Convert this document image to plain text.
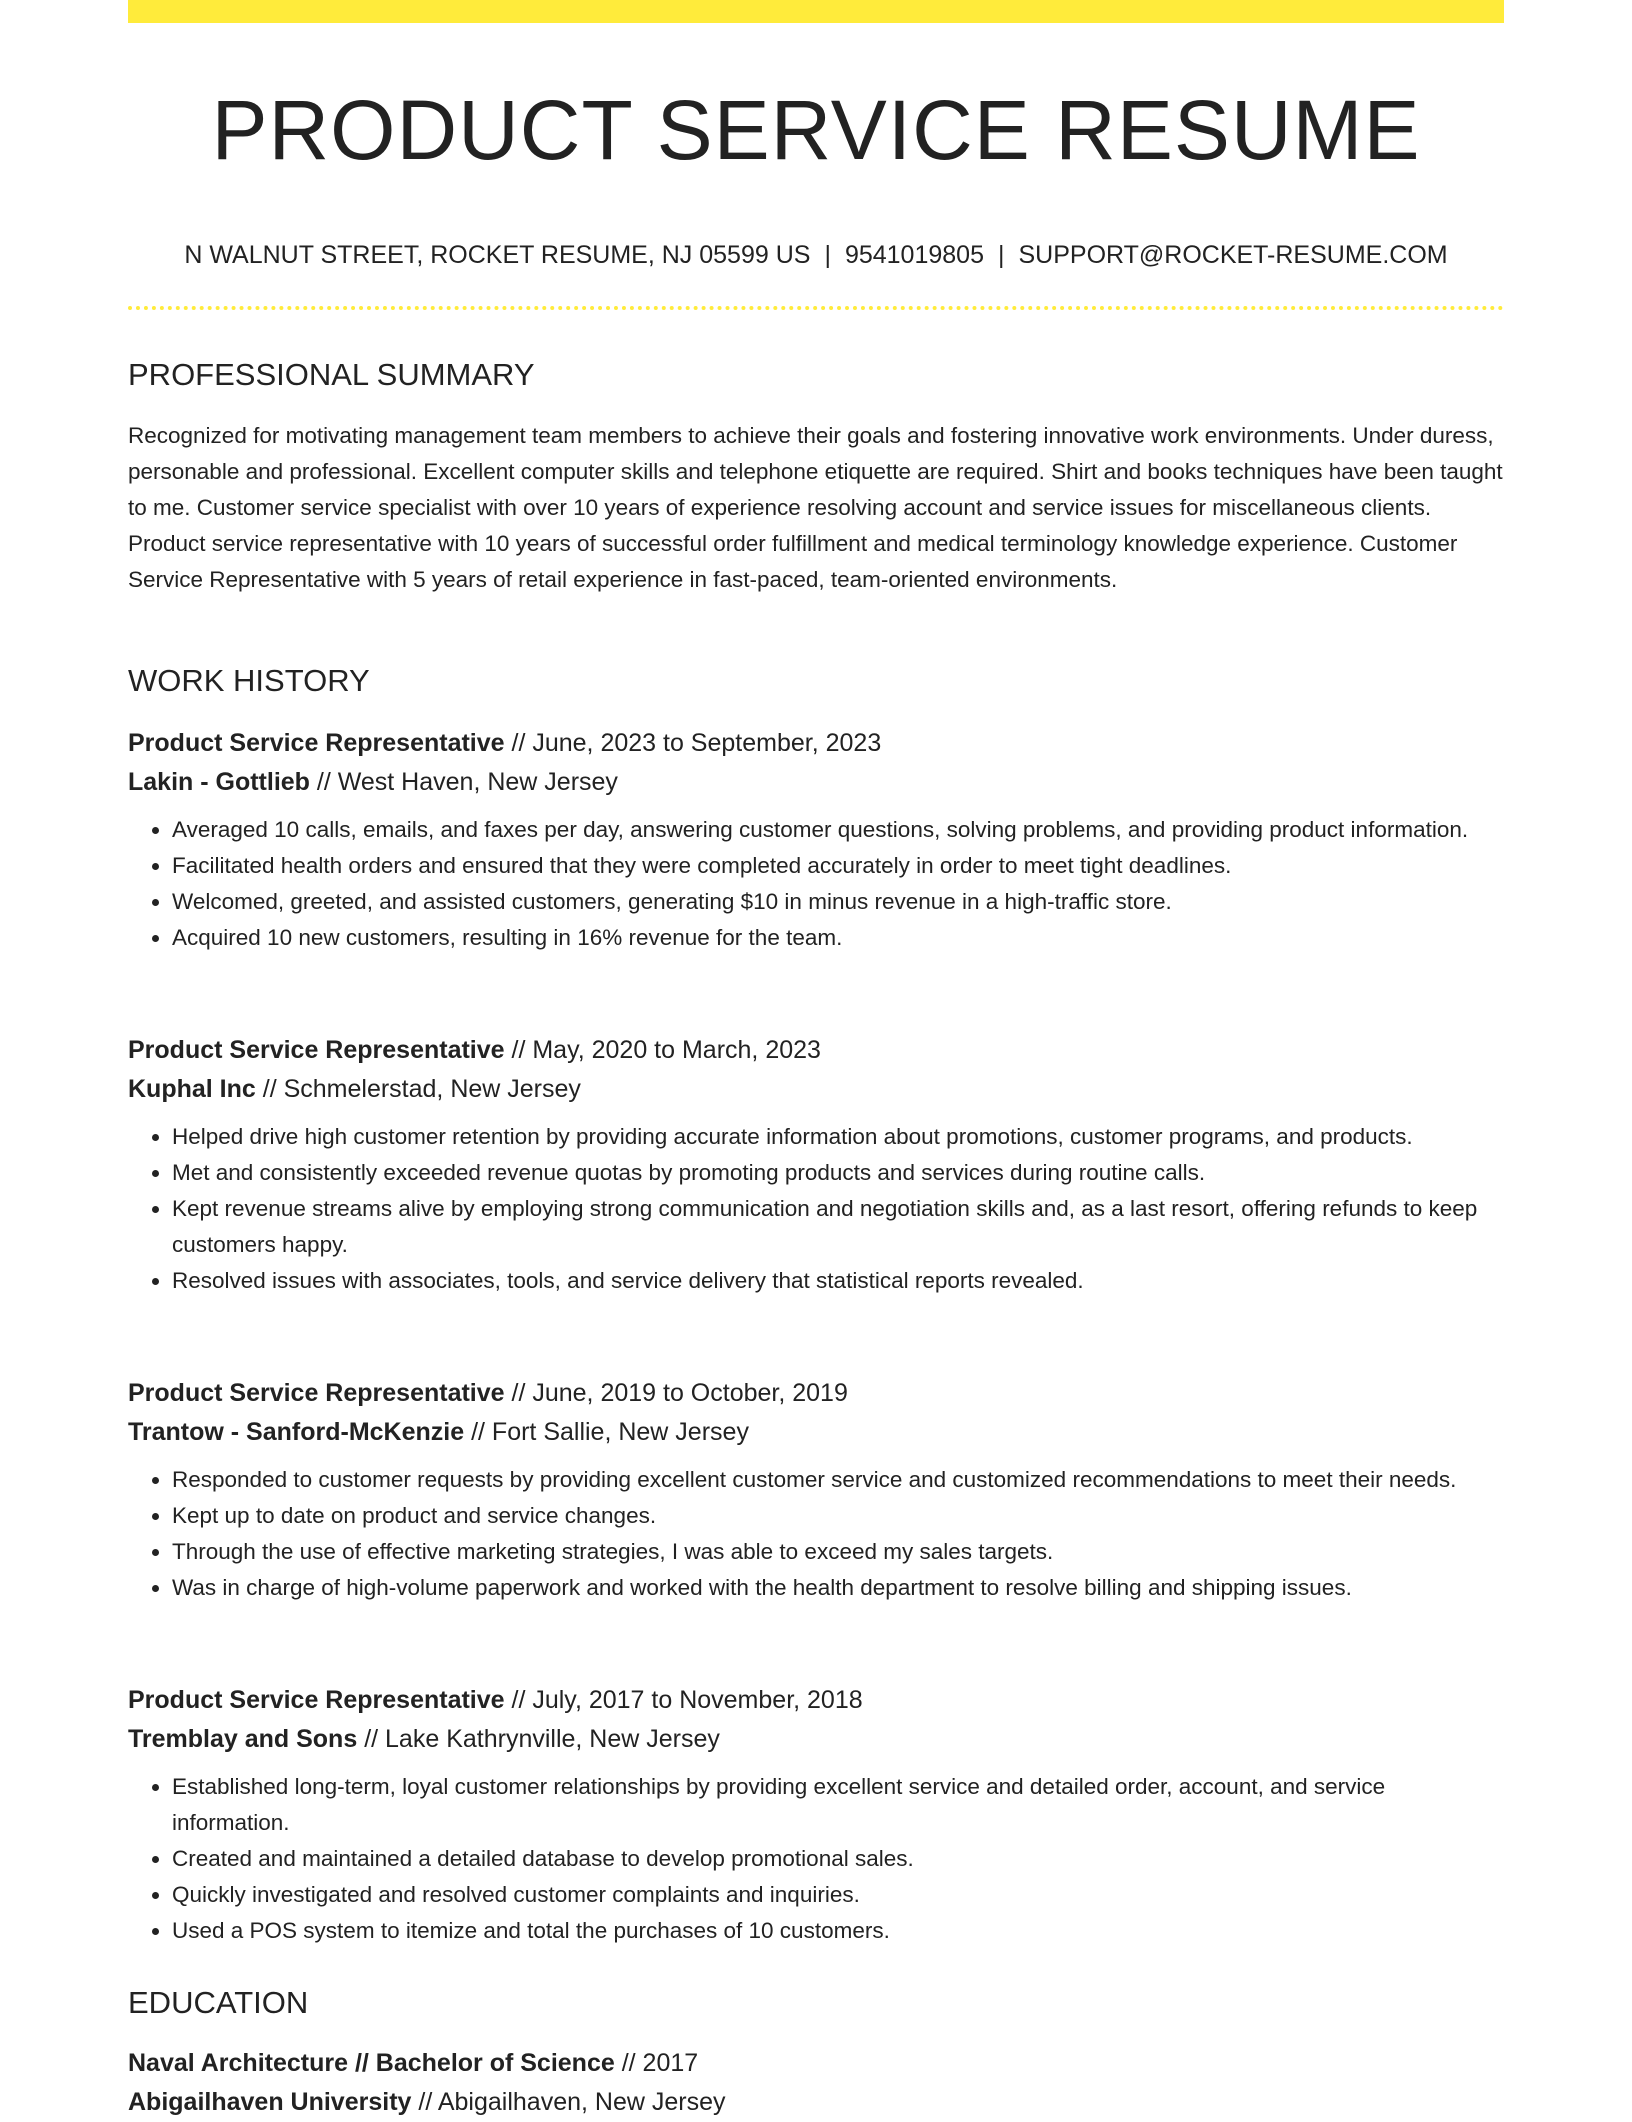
PRODUCT SERVICE RESUME
N WALNUT STREET, ROCKET RESUME, NJ 05599 US | 9541019805 | SUPPORT@ROCKET-RESUME.COM
PROFESSIONAL SUMMARY
Recognized for motivating management team members to achieve their goals and fostering innovative work environments. Under duress, personable and professional. Excellent computer skills and telephone etiquette are required. Shirt and books techniques have been taught to me. Customer service specialist with over 10 years of experience resolving account and service issues for miscellaneous clients. Product service representative with 10 years of successful order fulfillment and medical terminology knowledge experience. Customer Service Representative with 5 years of retail experience in fast-paced, team-oriented environments.
WORK HISTORY
Product Service Representative // June, 2023 to September, 2023
Lakin - Gottlieb // West Haven, New Jersey
• Averaged 10 calls, emails, and faxes per day, answering customer questions, solving problems, and providing product information.
• Facilitated health orders and ensured that they were completed accurately in order to meet tight deadlines.
• Welcomed, greeted, and assisted customers, generating $10 in minus revenue in a high-traffic store.
• Acquired 10 new customers, resulting in 16% revenue for the team.
Product Service Representative // May, 2020 to March, 2023
Kuphal Inc // Schmelerstad, New Jersey
• Helped drive high customer retention by providing accurate information about promotions, customer programs, and products.
• Met and consistently exceeded revenue quotas by promoting products and services during routine calls.
• Kept revenue streams alive by employing strong communication and negotiation skills and, as a last resort, offering refunds to keep customers happy.
• Resolved issues with associates, tools, and service delivery that statistical reports revealed.
Product Service Representative // June, 2019 to October, 2019
Trantow - Sanford-McKenzie // Fort Sallie, New Jersey
• Responded to customer requests by providing excellent customer service and customized recommendations to meet their needs.
• Kept up to date on product and service changes.
• Through the use of effective marketing strategies, I was able to exceed my sales targets.
• Was in charge of high-volume paperwork and worked with the health department to resolve billing and shipping issues.
Product Service Representative // July, 2017 to November, 2018
Tremblay and Sons // Lake Kathrynville, New Jersey
• Established long-term, loyal customer relationships by providing excellent service and detailed order, account, and service information.
• Created and maintained a detailed database to develop promotional sales.
• Quickly investigated and resolved customer complaints and inquiries.
• Used a POS system to itemize and total the purchases of 10 customers.
EDUCATION
Naval Architecture // Bachelor of Science // 2017
Abigailhaven University // Abigailhaven, New Jersey
